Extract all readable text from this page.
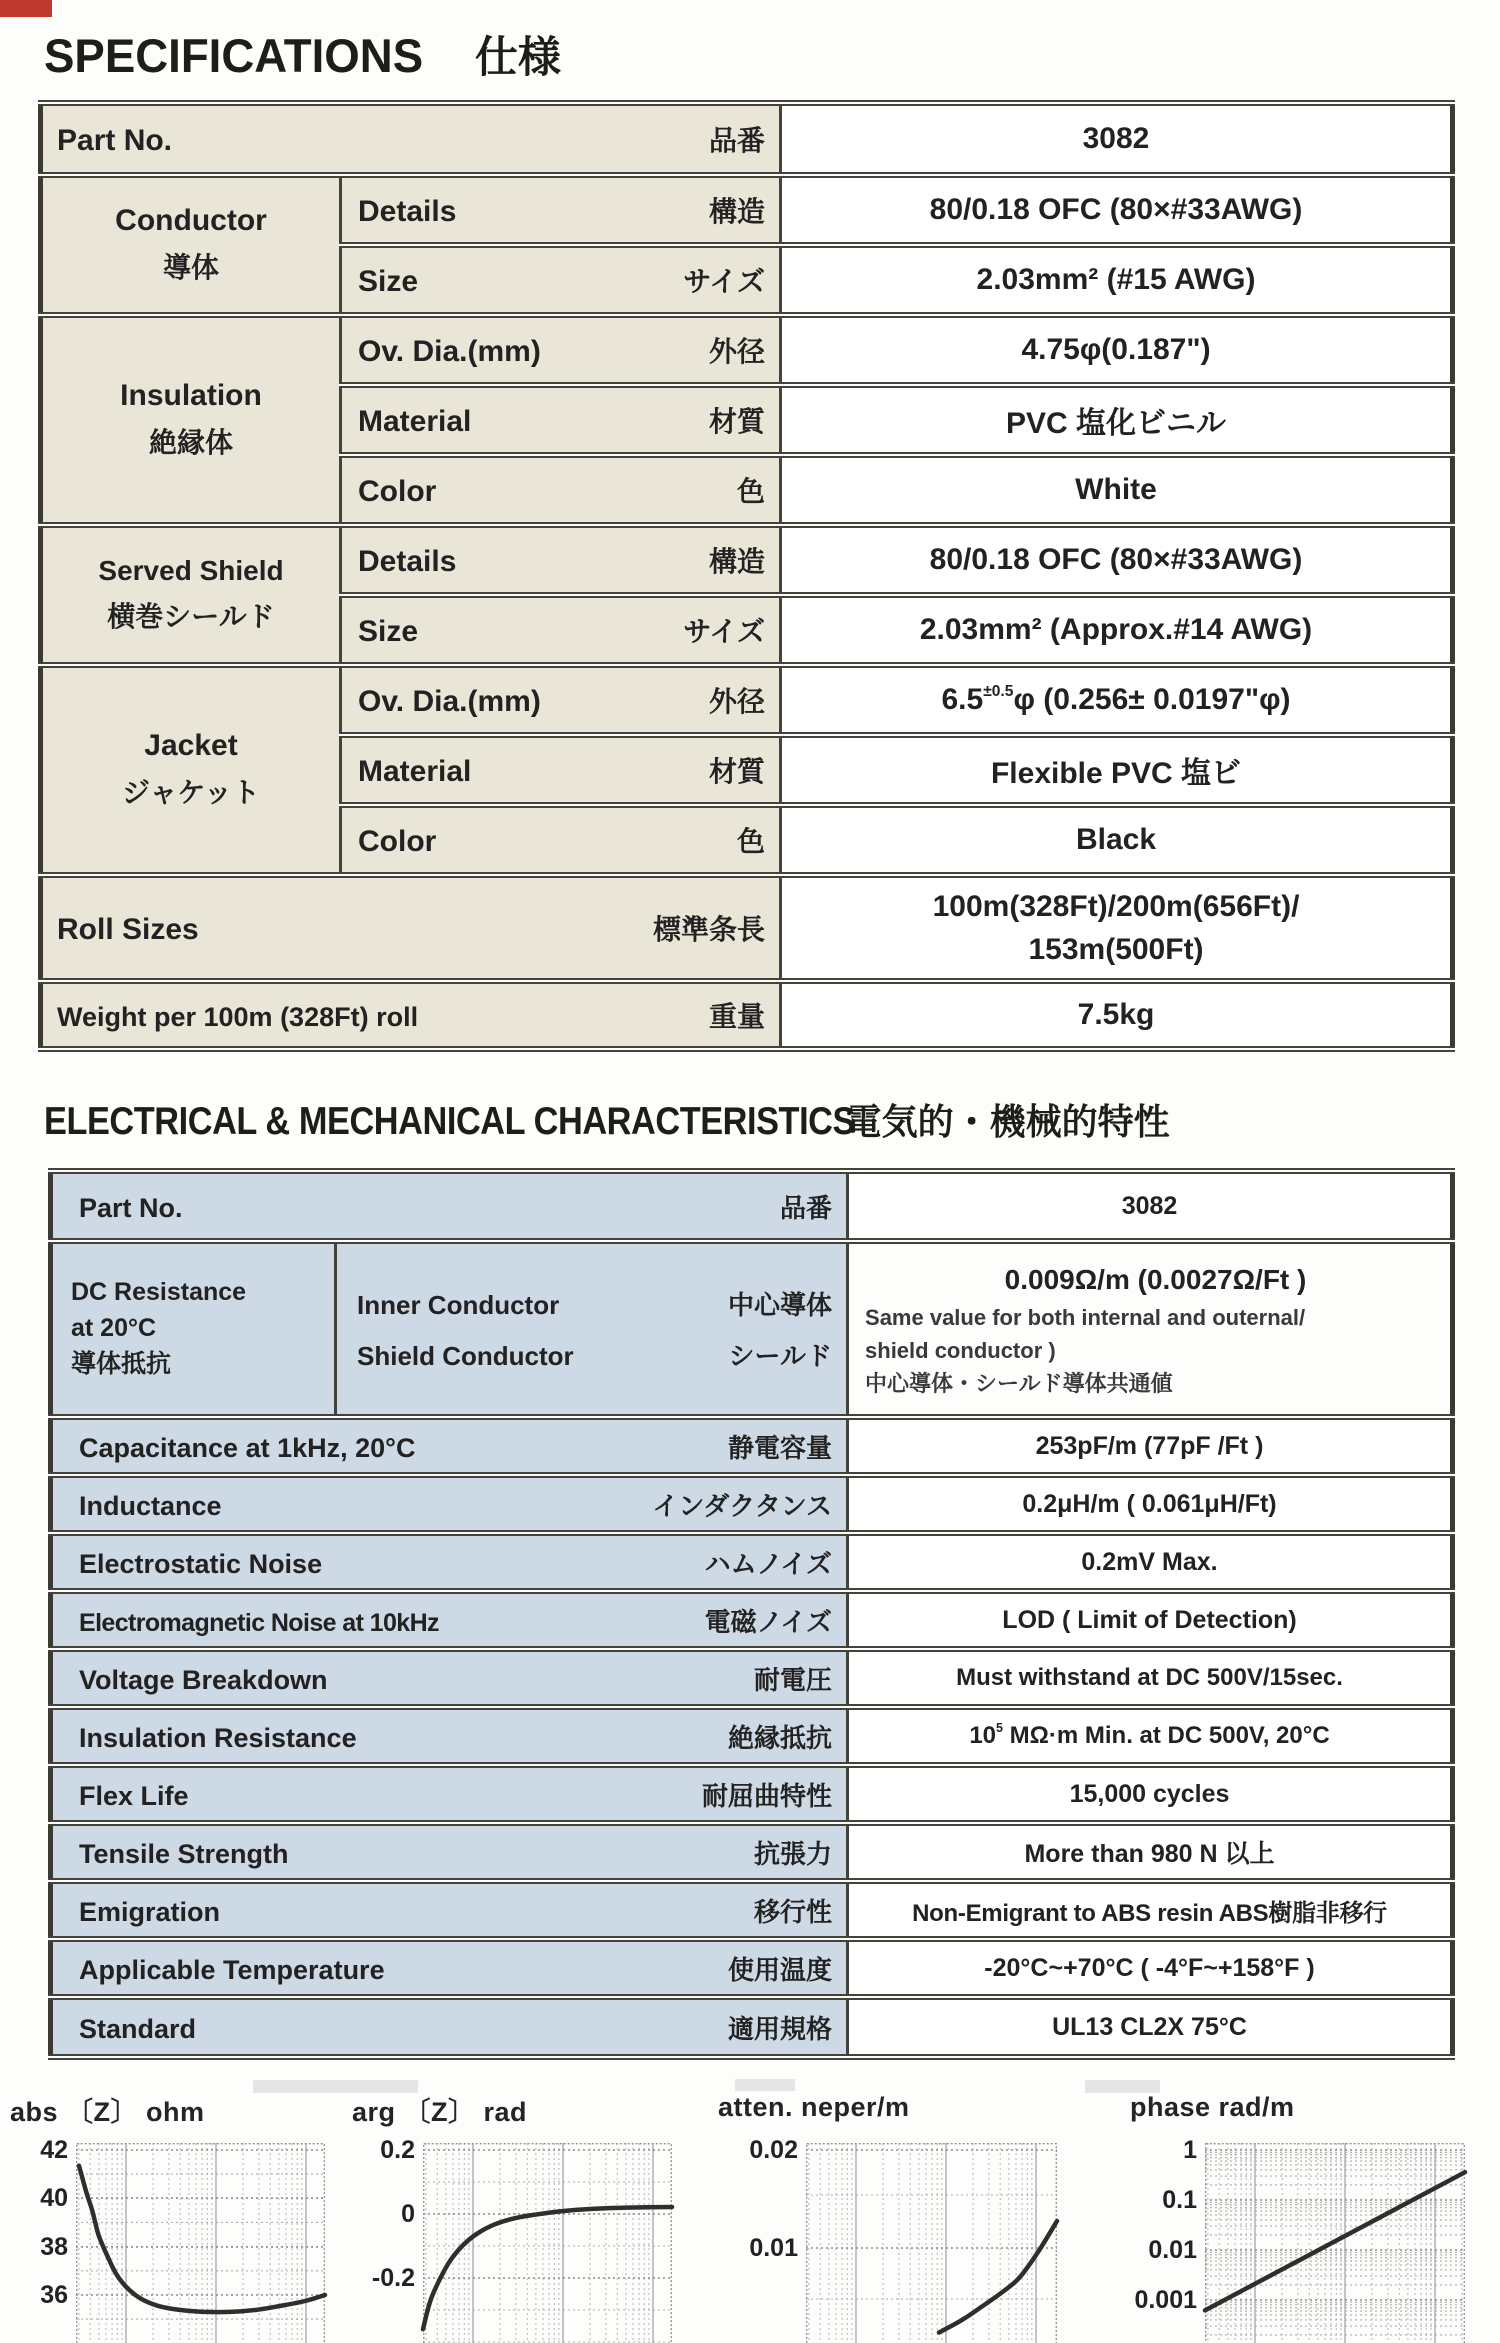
SPECIFICATIONS 仕様
Part No. 品番		3082

Conductor
導体	Details 構造	80/0.18 OFC (80×#33AWG)

	Size サイズ	2.03mm² (#15 AWG)

Insulation
絶縁体	Ov. Dia.(mm) 外径	4.75φ(0.187")

	Material 材質	PVC 塩化ビニル

	Color 色	White

Served Shield
横巻シールド	Details 構造	80/0.18 OFC (80×#33AWG)

	Size サイズ	2.03mm² (Approx.#14 AWG)

Jacket
ジャケット	Ov. Dia.(mm) 外径	$6.5^{\pm 0.5}\varphi$ (0.256± 0.0197"φ)

	Material 材質	Flexible PVC 塩ビ

	Color 色	Black

Roll Sizes 標準条長		100m(328Ft)/200m(656Ft)/
153m(500Ft)

Weight per 100m (328Ft) roll 重量		7.5kg
ELECTRICAL & MECHANICAL CHARACTERISTICS
電気的・機械的特性
Part No. 品番		3082

DC Resistance
at 20°C
導体抵抗

Inner Conductor	中心導体
Shield Conductor	シールド

0.009Ω/m (0.0027Ω/Ft )
Same value for both internal and outernal/
shield conductor )
中心導体・シールド導体共通値

Capacitance at 1kHz, 20°C 静電容量		253pF/m (77pF /Ft )

Inductance インダクタンス		0.2μH/m ( 0.061μH/Ft)

Electrostatic Noise ハムノイズ		0.2mV Max.

Electromagnetic Noise at 10kHz 電磁ノイズ		LOD ( Limit of Detection)

Voltage Breakdown 耐電圧		Must withstand at DC 500V/15sec.

Insulation Resistance 絶縁抵抗		$10^5$ MΩ·m Min. at DC 500V, 20°C

Flex Life 耐屈曲特性		15,000 cycles

Tensile Strength 抗張力		More than 980 N 以上

Emigration 移行性		Non-Emigrant to ABS resin ABS樹脂非移行

Applicable Temperature 使用温度		-20°C~+70°C ( -4°F~+158°F )

Standard 適用規格		UL13 CL2X 75°C
abs 〔Z〕 ohm	arg 〔Z〕 rad	atten. neper/m	phase rad/m
42
40
38
36
0.2
0
-0.2
0.02
0.01
1
0.1
0.01
0.001
